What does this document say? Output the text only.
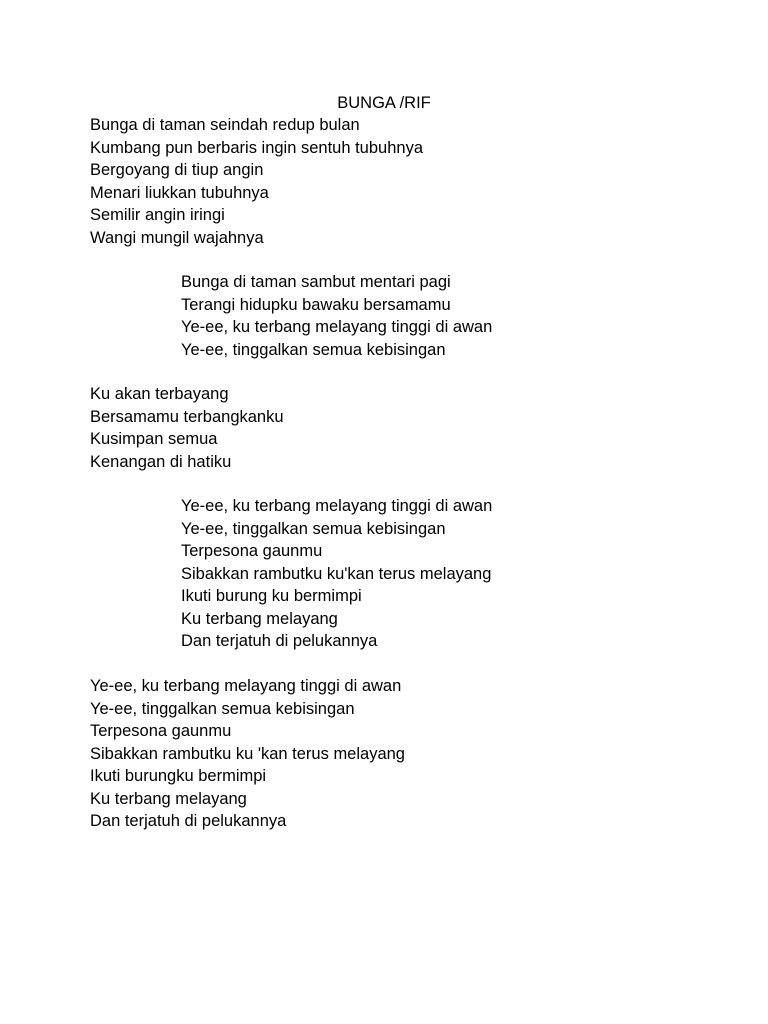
BUNGA /RIF
Bunga di taman seindah redup bulan
Kumbang pun berbaris ingin sentuh tubuhnya
Bergoyang di tiup angin
Menari liukkan tubuhnya
Semilir angin iringi
Wangi mungil wajahnya
Bunga di taman sambut mentari pagi
Terangi hidupku bawaku bersamamu
Ye-ee, ku terbang melayang tinggi di awan
Ye-ee, tinggalkan semua kebisingan
Ku akan terbayang
Bersamamu terbangkanku
Kusimpan semua
Kenangan di hatiku
Ye-ee, ku terbang melayang tinggi di awan
Ye-ee, tinggalkan semua kebisingan
Terpesona gaunmu
Sibakkan rambutku ku'kan terus melayang
Ikuti burung ku bermimpi
Ku terbang melayang
Dan terjatuh di pelukannya
Ye-ee, ku terbang melayang tinggi di awan
Ye-ee, tinggalkan semua kebisingan
Terpesona gaunmu
Sibakkan rambutku ku 'kan terus melayang
Ikuti burungku bermimpi
Ku terbang melayang
Dan terjatuh di pelukannya
